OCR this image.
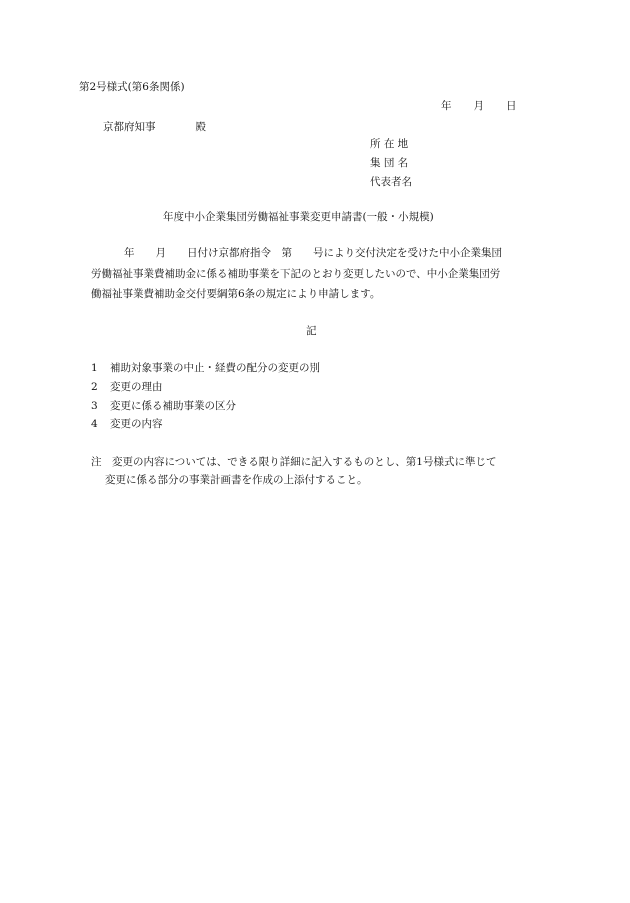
第2号様式(第6条関係)
年 月 日
京都府知事	殿
所 在 地
集 団 名
代表者名
年度中小企業集団労働福祉事業変更申請書(一般・小規模)
年　　月　　日付け京都府指令　第　　号により交付決定を受けた中小企業集団
労働福祉事業費補助金に係る補助事業を下記のとおり変更したいので、中小企業集団労
働福祉事業費補助金交付要綱第6条の規定により申請します。
記
1 補助対象事業の中止・経費の配分の変更の別
2 変更の理由
3 変更に係る補助事業の区分
4 変更の内容
注　変更の内容については、できる限り詳細に記入するものとし、第1号様式に準じて
変更に係る部分の事業計画書を作成の上添付すること。
